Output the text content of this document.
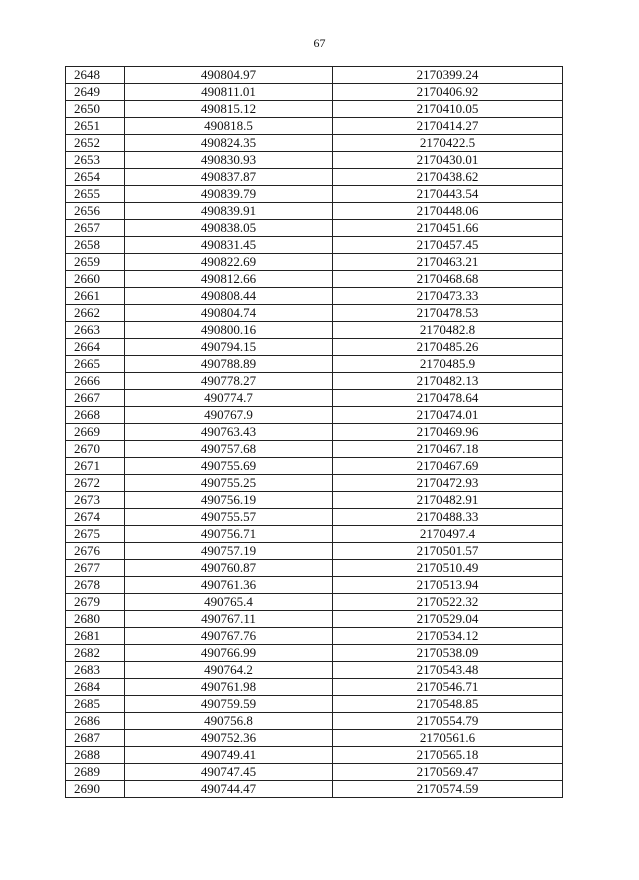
67
2648	490804.97	2170399.24
2649	490811.01	2170406.92
2650	490815.12	2170410.05
2651	490818.5	2170414.27
2652	490824.35	2170422.5
2653	490830.93	2170430.01
2654	490837.87	2170438.62
2655	490839.79	2170443.54
2656	490839.91	2170448.06
2657	490838.05	2170451.66
2658	490831.45	2170457.45
2659	490822.69	2170463.21
2660	490812.66	2170468.68
2661	490808.44	2170473.33
2662	490804.74	2170478.53
2663	490800.16	2170482.8
2664	490794.15	2170485.26
2665	490788.89	2170485.9
2666	490778.27	2170482.13
2667	490774.7	2170478.64
2668	490767.9	2170474.01
2669	490763.43	2170469.96
2670	490757.68	2170467.18
2671	490755.69	2170467.69
2672	490755.25	2170472.93
2673	490756.19	2170482.91
2674	490755.57	2170488.33
2675	490756.71	2170497.4
2676	490757.19	2170501.57
2677	490760.87	2170510.49
2678	490761.36	2170513.94
2679	490765.4	2170522.32
2680	490767.11	2170529.04
2681	490767.76	2170534.12
2682	490766.99	2170538.09
2683	490764.2	2170543.48
2684	490761.98	2170546.71
2685	490759.59	2170548.85
2686	490756.8	2170554.79
2687	490752.36	2170561.6
2688	490749.41	2170565.18
2689	490747.45	2170569.47
2690	490744.47	2170574.59
